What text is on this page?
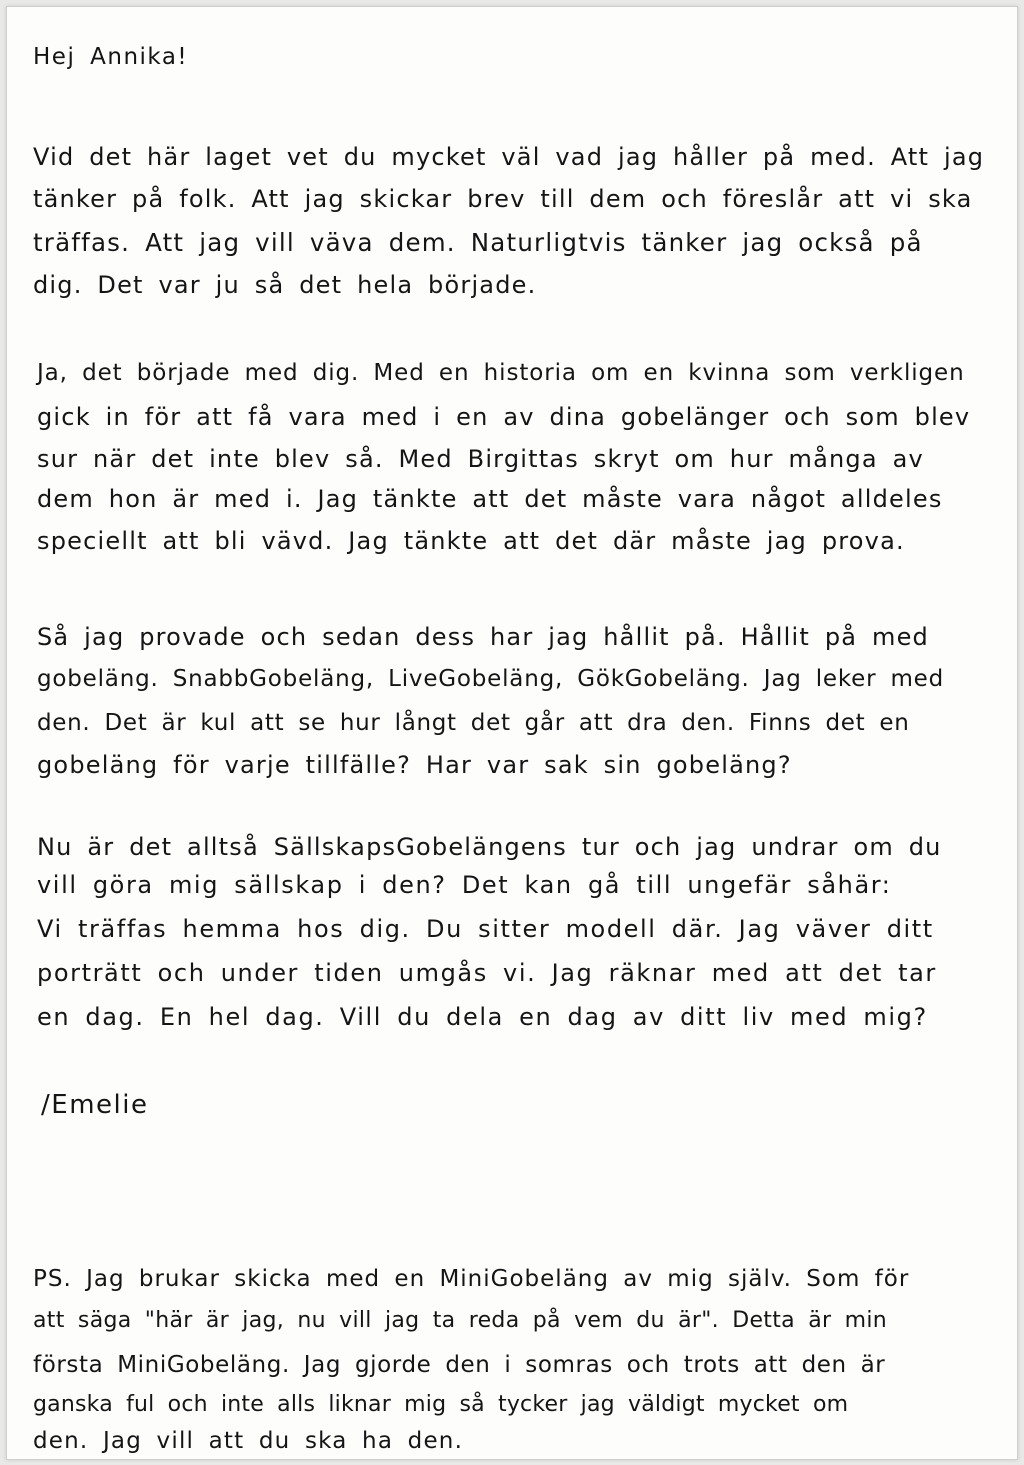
Hej Annika!
Vid det här laget vet du mycket väl vad jag håller på med. Att jag
tänker på folk. Att jag skickar brev till dem och föreslår att vi ska
träffas. Att jag vill väva dem. Naturligtvis tänker jag också på
dig. Det var ju så det hela började.
Ja, det började med dig. Med en historia om en kvinna som verkligen
gick in för att få vara med i en av dina gobelänger och som blev
sur när det inte blev så. Med Birgittas skryt om hur många av
dem hon är med i. Jag tänkte att det måste vara något alldeles
speciellt att bli vävd. Jag tänkte att det där måste jag prova.
Så jag provade och sedan dess har jag hållit på. Hållit på med
gobeläng. SnabbGobeläng, LiveGobeläng, GökGobeläng. Jag leker med
den. Det är kul att se hur långt det går att dra den. Finns det en
gobeläng för varje tillfälle? Har var sak sin gobeläng?
Nu är det alltså SällskapsGobelängens tur och jag undrar om du
vill göra mig sällskap i den? Det kan gå till ungefär såhär:
Vi träffas hemma hos dig. Du sitter modell där. Jag väver ditt
porträtt och under tiden umgås vi. Jag räknar med att det tar
en dag. En hel dag. Vill du dela en dag av ditt liv med mig?
/Emelie
PS. Jag brukar skicka med en MiniGobeläng av mig själv. Som för
att säga "här är jag, nu vill jag ta reda på vem du är". Detta är min
första MiniGobeläng. Jag gjorde den i somras och trots att den är
ganska ful och inte alls liknar mig så tycker jag väldigt mycket om
den. Jag vill att du ska ha den.
